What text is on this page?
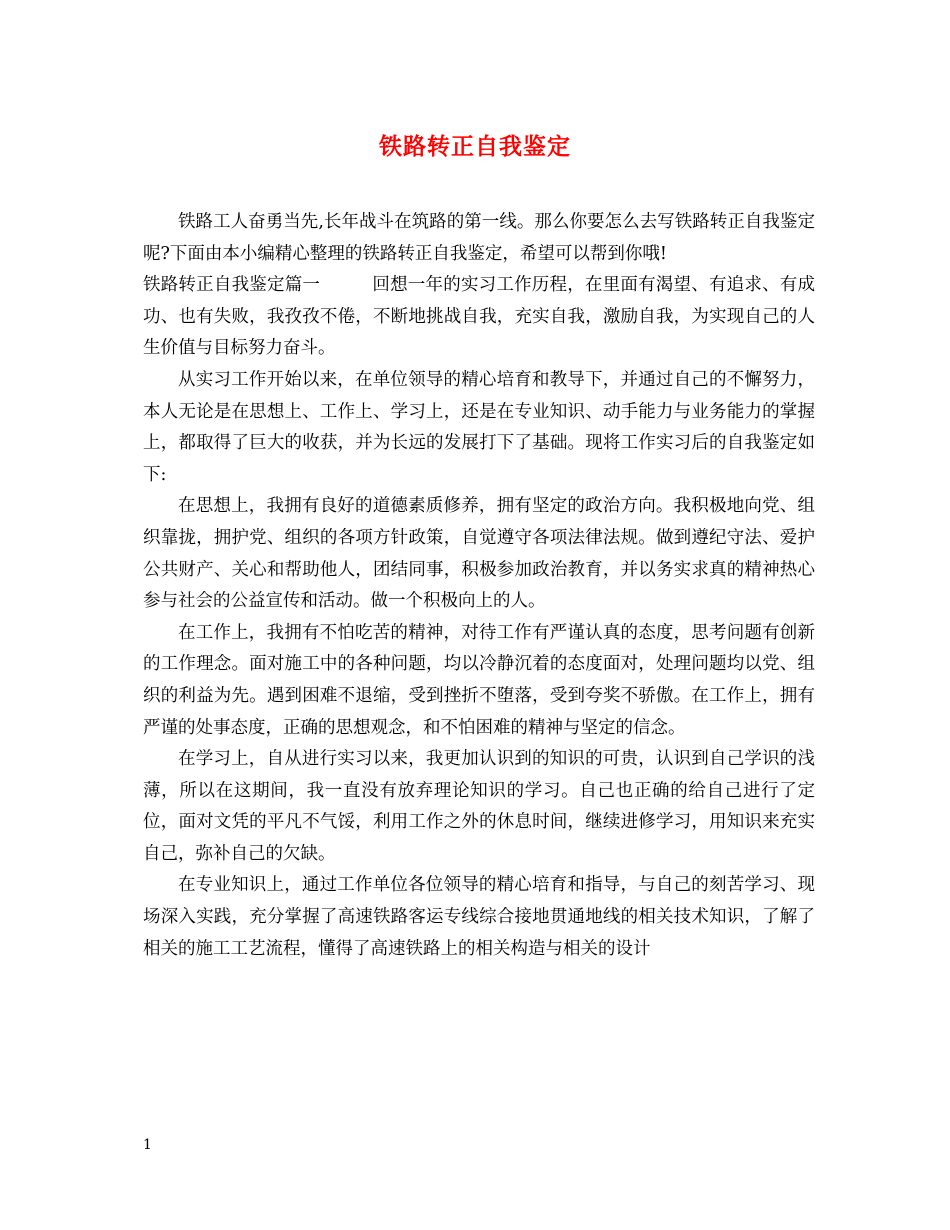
铁路转正自我鉴定

铁路工人奋勇当先,长年战斗在筑路的第一线。那么你要怎么去写铁路转正自我鉴定呢?下面由本小编精心整理的铁路转正自我鉴定，希望可以帮到你哦!

铁路转正自我鉴定篇一	回想一年的实习工作历程，在里面有渴望、有追求、有成功、也有失败，我孜孜不倦，不断地挑战自我，充实自我，激励自我，为实现自己的人生价值与目标努力奋斗。

从实习工作开始以来，在单位领导的精心培育和教导下，并通过自己的不懈努力，本人无论是在思想上、工作上、学习上，还是在专业知识、动手能力与业务能力的掌握上，都取得了巨大的收获，并为长远的发展打下了基础。现将工作实习后的自我鉴定如下:

在思想上，我拥有良好的道德素质修养，拥有坚定的政治方向。我积极地向党、组织靠拢，拥护党、组织的各项方针政策，自觉遵守各项法律法规。做到遵纪守法、爱护公共财产、关心和帮助他人，团结同事，积极参加政治教育，并以务实求真的精神热心参与社会的公益宣传和活动。做一个积极向上的人。

在工作上，我拥有不怕吃苦的精神，对待工作有严谨认真的态度，思考问题有创新的工作理念。面对施工中的各种问题，均以冷静沉着的态度面对，处理问题均以党、组织的利益为先。遇到困难不退缩，受到挫折不堕落，受到夸奖不骄傲。在工作上，拥有严谨的处事态度，正确的思想观念，和不怕困难的精神与坚定的信念。

在学习上，自从进行实习以来，我更加认识到的知识的可贵，认识到自己学识的浅薄，所以在这期间，我一直没有放弃理论知识的学习。自己也正确的给自己进行了定位，面对文凭的平凡不气馁，利用工作之外的休息时间，继续进修学习，用知识来充实自己，弥补自己的欠缺。

在专业知识上，通过工作单位各位领导的精心培育和指导，与自己的刻苦学习、现场深入实践，充分掌握了高速铁路客运专线综合接地贯通地线的相关技术知识，了解了相关的施工工艺流程，懂得了高速铁路上的相关构造与相关的设计

1
